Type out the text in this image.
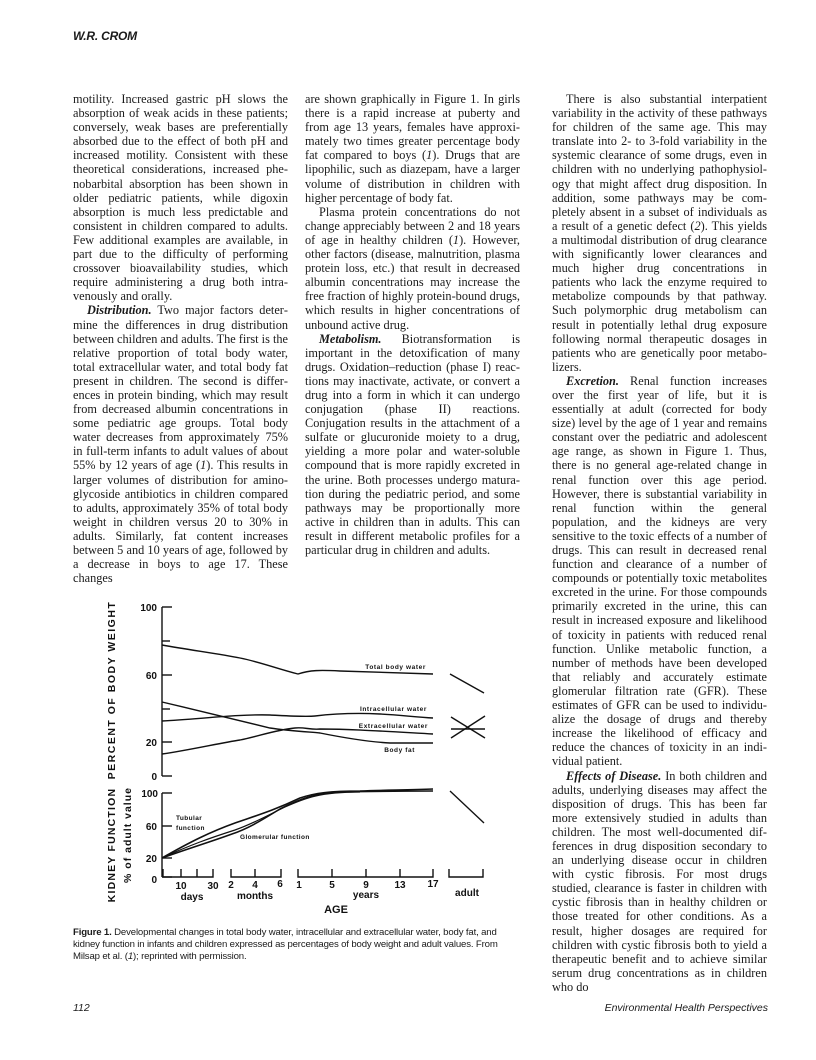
W.R. CROM

motility. Increased gastric pH slows the absorption of weak acids in these patients; conversely, weak bases are preferentially absorbed due to the effect of both pH and increased motility. Consistent with these theoretical considerations, increased phenobarbital absorption has been shown in older pediatric patients, while digoxin absorption is much less predictable and consistent in children compared to adults. Few additional examples are available, in part due to the difficulty of performing crossover bioavailability studies, which require administering a drug both intravenously and orally.

Distribution. Two major factors determine the differences in drug distribution between children and adults. The first is the relative proportion of total body water, total extracellular water, and total body fat present in children. The second is differences in protein binding, which may result from decreased albumin concentrations in some pediatric age groups. Total body water decreases from approximately 75% in full-term infants to adult values of about 55% by 12 years of age (1). This results in larger volumes of distribution for aminoglycoside antibiotics in children compared to adults, approximately 35% of total body weight in children versus 20 to 30% in adults. Similarly, fat content increases between 5 and 10 years of age, followed by a decrease in boys to age 17. These changes

are shown graphically in Figure 1. In girls there is a rapid increase at puberty and from age 13 years, females have approximately two times greater percentage body fat compared to boys (1). Drugs that are lipophilic, such as diazepam, have a larger volume of distribution in children with higher percentage of body fat.

Plasma protein concentrations do not change appreciably between 2 and 18 years of age in healthy children (1). However, other factors (disease, malnutrition, plasma protein loss, etc.) that result in decreased albumin concentrations may increase the free fraction of highly protein-bound drugs, which results in higher concentrations of unbound active drug.

Metabolism. Biotransformation is important in the detoxification of many drugs. Oxidation–reduction (phase I) reactions may inactivate, activate, or convert a drug into a form in which it can undergo conjugation (phase II) reactions. Conjugation results in the attachment of a sulfate or glucuronide moiety to a drug, yielding a more polar and water-soluble compound that is more rapidly excreted in the urine. Both processes undergo maturation during the pediatric period, and some pathways may be proportionally more active in children than in adults. This can result in different metabolic profiles for a particular drug in children and adults.

There is also substantial interpatient variability in the activity of these pathways for children of the same age. This may translate into 2- to 3-fold variability in the systemic clearance of some drugs, even in children with no underlying pathophysiology that might affect drug disposition. In addition, some pathways may be completely absent in a subset of individuals as a result of a genetic defect (2). This yields a multimodal distribution of drug clearance with significantly lower clearances and much higher drug concentrations in patients who lack the enzyme required to metabolize compounds by that pathway. Such polymorphic drug metabolism can result in potentially lethal drug exposure following normal therapeutic dosages in patients who are genetically poor metabolizers.

Excretion. Renal function increases over the first year of life, but it is essentially at adult (corrected for body size) level by the age of 1 year and remains constant over the pediatric and adolescent age range, as shown in Figure 1. Thus, there is no general age-related change in renal function over this age period. However, there is substantial variability in renal function within the general population, and the kidneys are very sensitive to the toxic effects of a number of drugs. This can result in decreased renal function and clearance of a number of compounds or potentially toxic metabolites excreted in the urine. For those compounds primarily excreted in the urine, this can result in increased exposure and likelihood of toxicity in patients with reduced renal function. Unlike metabolic function, a number of methods have been developed that reliably and accurately estimate glomerular filtration rate (GFR). These estimates of GFR can be used to individualize the dosage of drugs and thereby increase the likelihood of efficacy and reduce the chances of toxicity in an individual patient.

Effects of Disease. In both children and adults, underlying diseases may affect the disposition of drugs. This has been far more extensively studied in adults than children. The most well-documented differences in drug disposition secondary to an underlying disease occur in children with cystic fibrosis. For most drugs studied, clearance is faster in children with cystic fibrosis than in healthy children or those treated for other conditions. As a result, higher dosages are required for children with cystic fibrosis both to yield a therapeutic benefit and to achieve similar serum drug concentrations as in children who do

PERCENT OF BODY WEIGHT 100
60
20
0
KIDNEY FUNCTION % of adult value 100
60
20
0
Total body water
Intracellular water
Extracellular water
Body fat
Tubular
function
Glomerular function
10 30
days
2 4 6
months
1	5	9	13 17
years	adult
AGE
Figure 1. Developmental changes in total body water, intracellular and extracellular water, body fat, and kidney function in infants and children expressed as percentages of body weight and adult values. From Milsap et al. (1); reprinted with permission.
112	Environmental Health Perspectives
